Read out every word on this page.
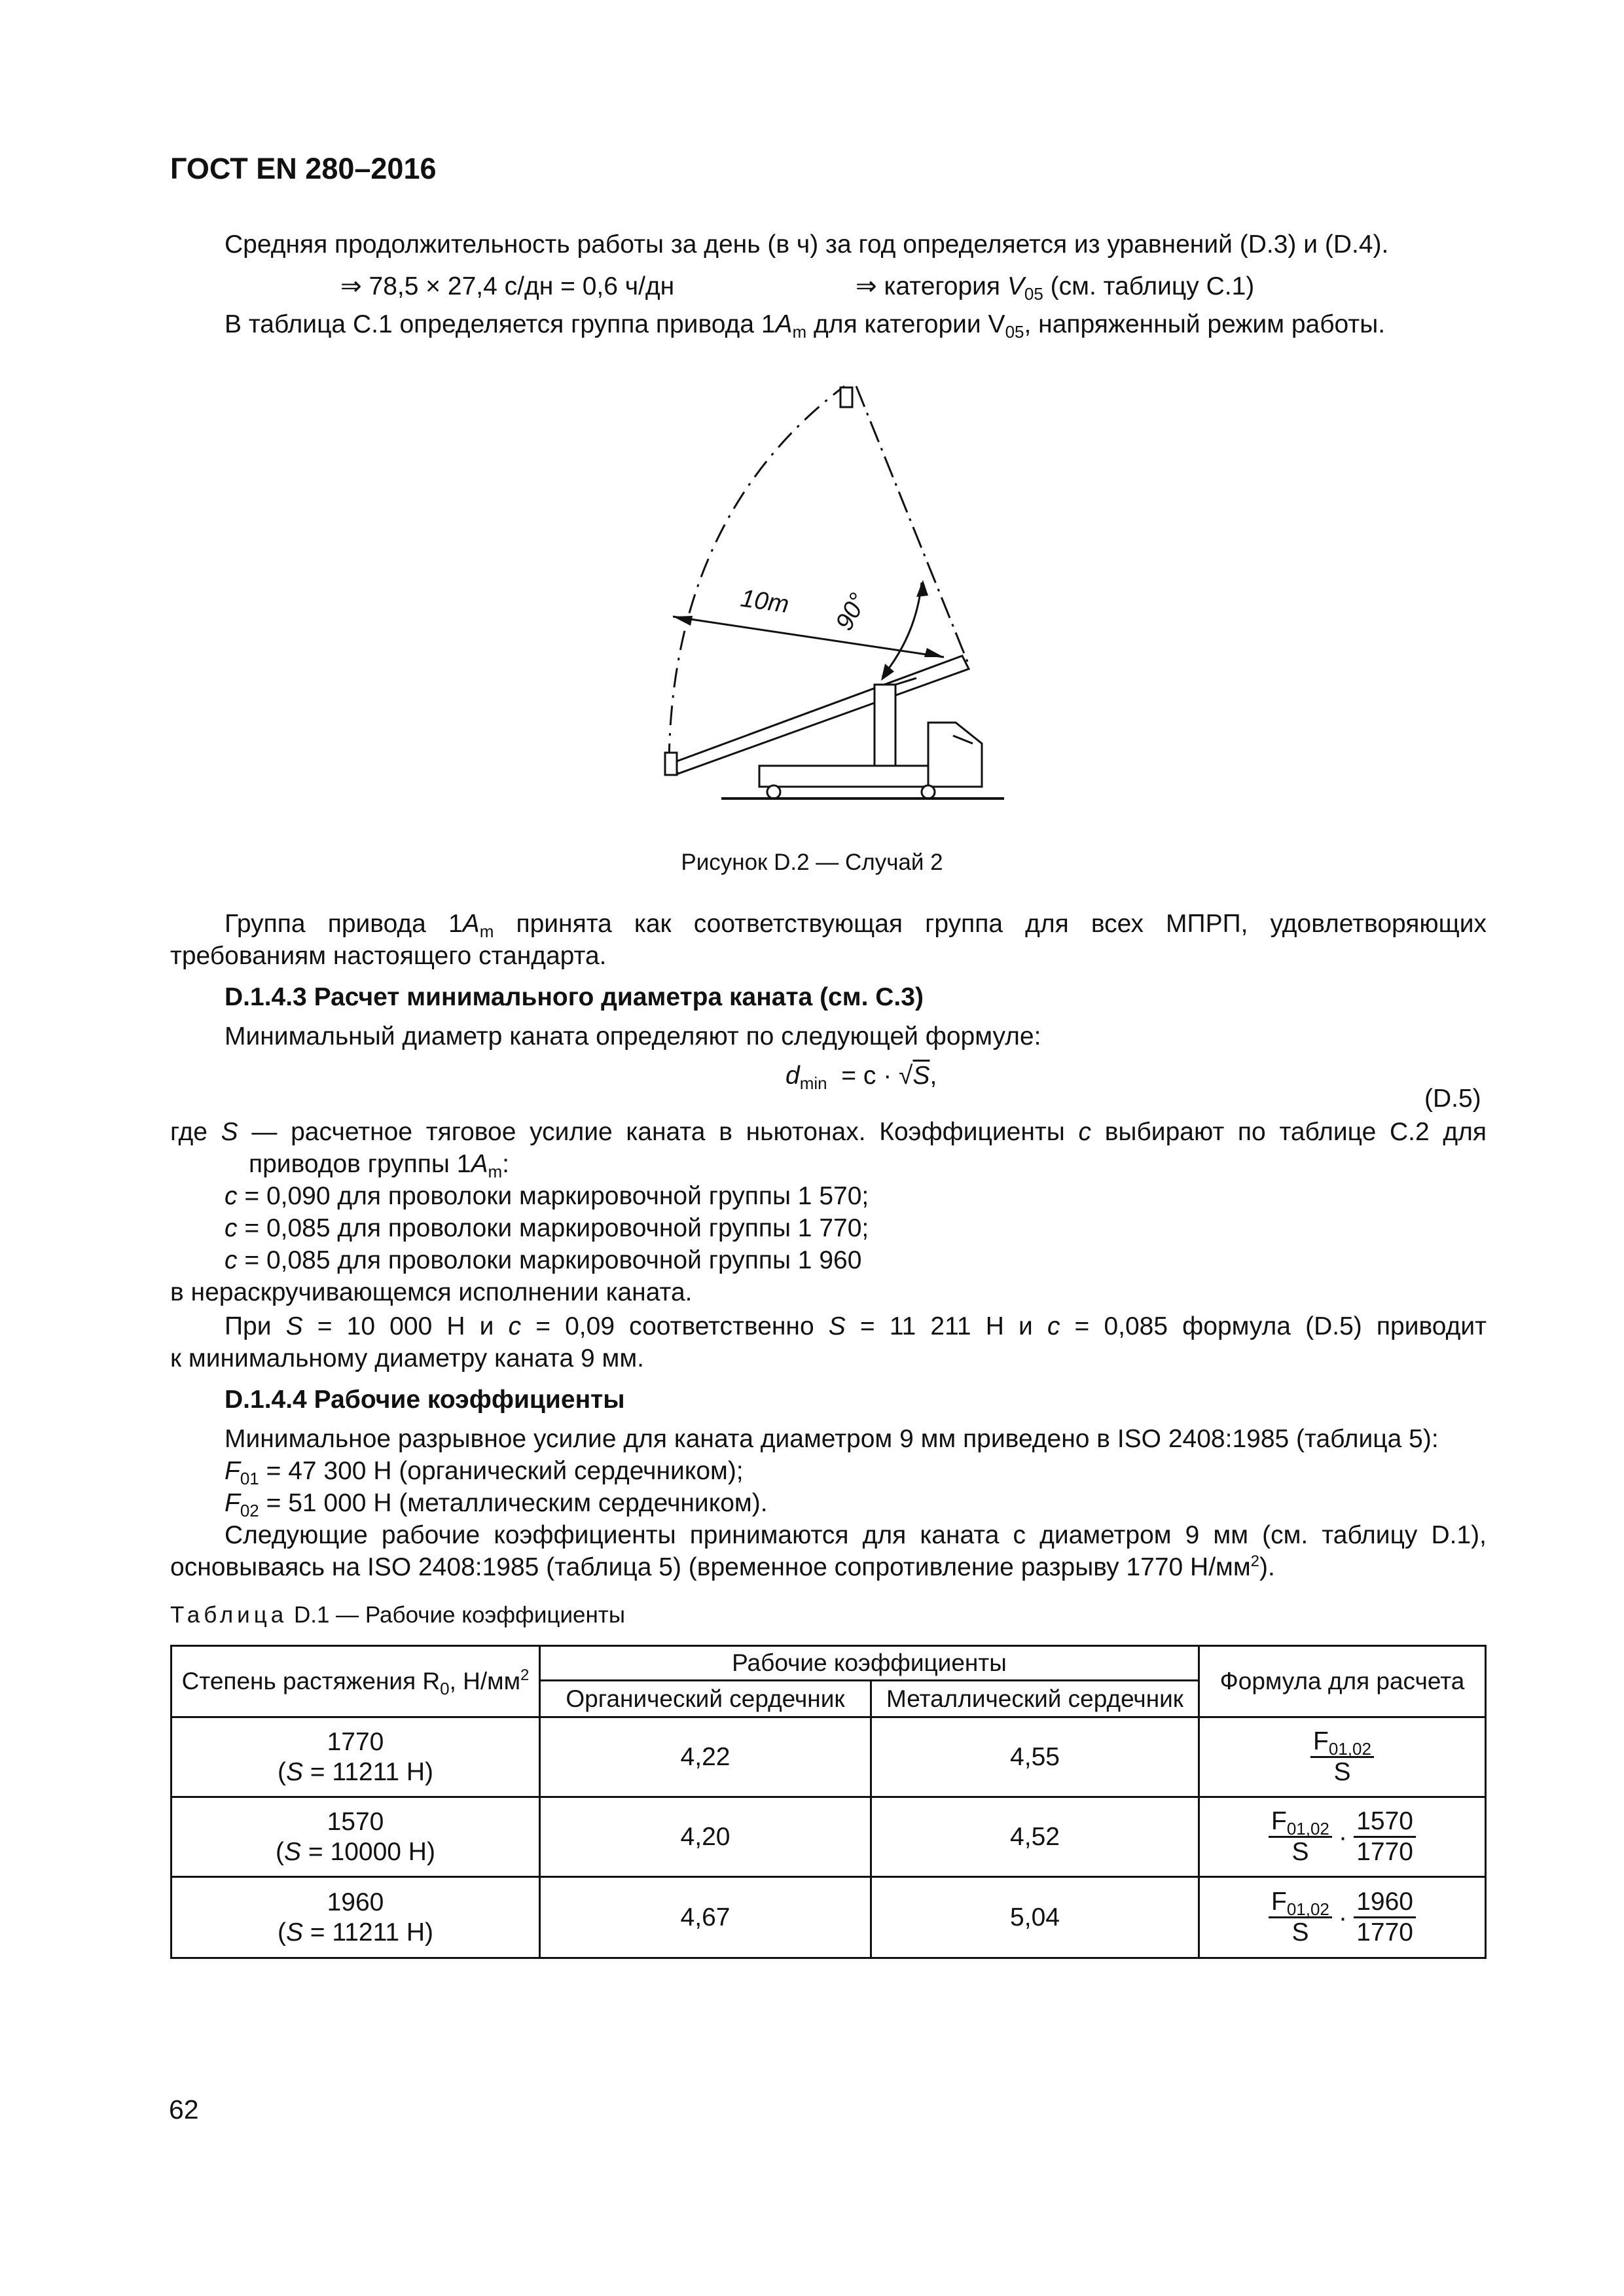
ГОСТ EN 280–2016
Средняя продолжительность работы за день (в ч) за год определяется из уравнений (D.3) и (D.4).
⇒ 78,5 × 27,4 с/дн = 0,6 ч/дн	⇒ категория $V_{05}$ (см. таблицу С.1)
В таблица С.1 определяется группа привода $1A_m$ для категории $V_{05}$, напряженный режим работы.
10m 90°
Рисунок D.2 — Случай 2
Группа привода $1A_m$ принята как соответствующая группа для всех МПРП, удовлетворяющих
требованиям настоящего стандарта.
D.1.4.3 Расчет минимального диаметра каната (см. С.3)
Минимальный диаметр каната определяют по следующей формуле:
$d_{min} = c \cdot √S$,
(D.5)
где S — расчетное тяговое усилие каната в ньютонах. Коэффициенты c выбирают по таблице С.2 для
приводов группы $1A_m$:
c = 0,090 для проволоки маркировочной группы 1 570;
c = 0,085 для проволоки маркировочной группы 1 770;
c = 0,085 для проволоки маркировочной группы 1 960
в нераскручивающемся исполнении каната.
При S = 10 000 Н и c = 0,09 соответственно S = 11 211 Н и c = 0,085 формула (D.5) приводит
к минимальному диаметру каната 9 мм.
D.1.4.4 Рабочие коэффициенты
Минимальное разрывное усилие для каната диаметром 9 мм приведено в ISO 2408:1985 (таблица 5):
$F_{01} = 47$ 300 Н (органический сердечником);
$F_{02} = 51$ 000 Н (металлическим сердечником).
Следующие рабочие коэффициенты принимаются для каната с диаметром 9 мм (см. таблицу D.1),
основываясь на ISO 2408:1985 (таблица 5) (временное сопротивление разрыву 1770 $Н/мм^2$).
Таблица D.1 — Рабочие коэффициенты
Степень растяжения $R_0$, $Н/мм^2$	Рабочие коэффициенты
Органический сердечник	Металлический сердечник
Формула для расчета
1770
(S = 11211 Н)
4,22	4,55	$\frac{F_{01,02}}{S}$
1570
(S = 10000 Н)
4,20	4,52	$\frac{F_{01,02}}{S} \cdot \frac{1570}{1770}$
1960
(S = 11211 Н)
4,67	5,04	$\frac{F_{01,02}}{S} \cdot \frac{1960}{1770}$
62
